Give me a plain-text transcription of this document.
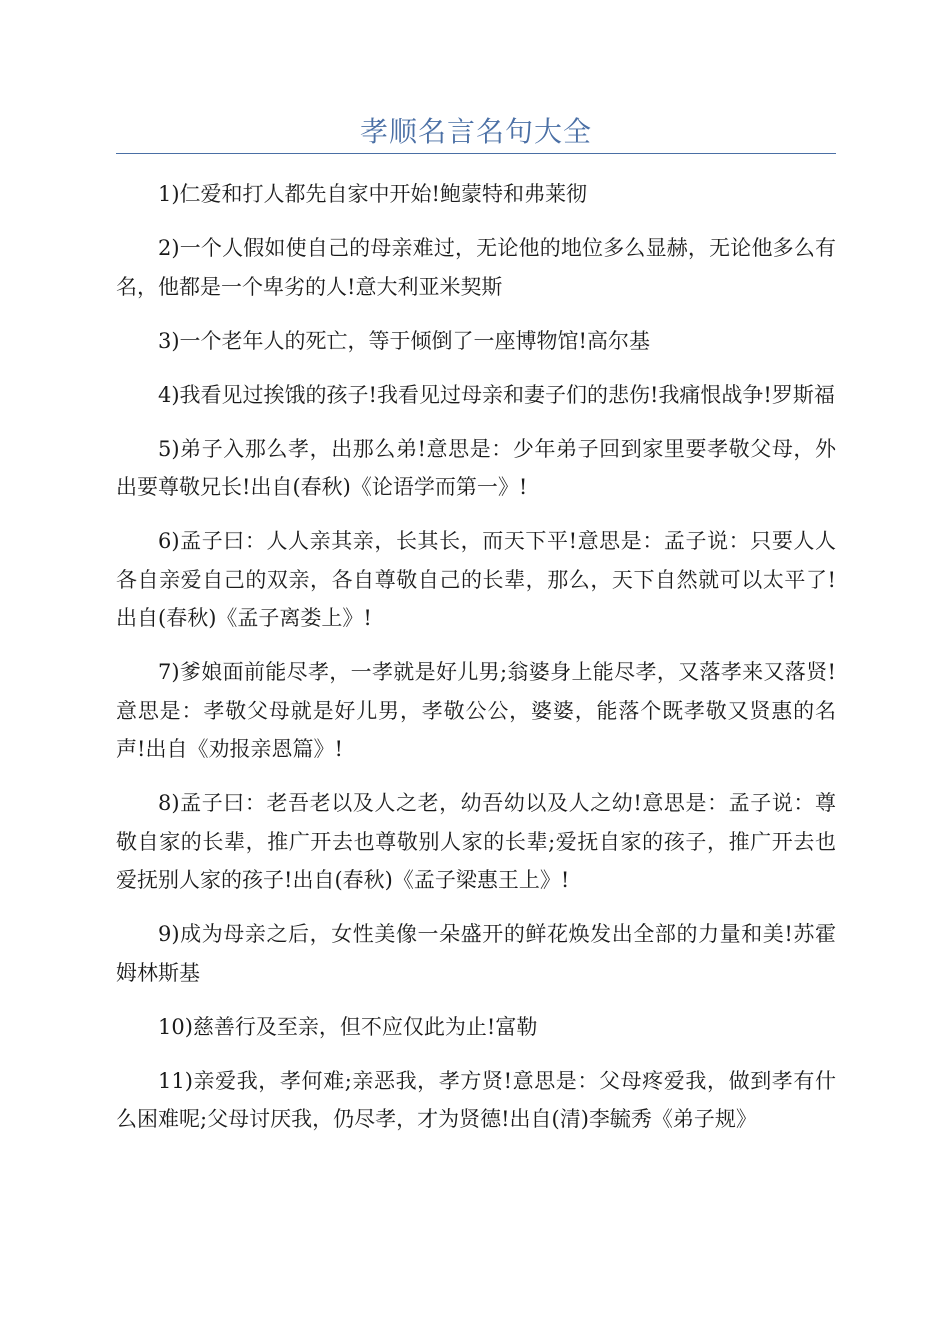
孝顺名言名句大全

1)仁爱和打人都先自家中开始!鲍蒙特和弗莱彻

2)一个人假如使自己的母亲难过，无论他的地位多么显赫，无论他多么有名，他都是一个卑劣的人!意大利亚米契斯

3)一个老年人的死亡，等于倾倒了一座博物馆!高尔基

4)我看见过挨饿的孩子!我看见过母亲和妻子们的悲伤!我痛恨战争!罗斯福

5)弟子入那么孝，出那么弟!意思是：少年弟子回到家里要孝敬父母，外出要尊敬兄长!出自(春秋)《论语学而第一》!

6)孟子曰：人人亲其亲，长其长，而天下平!意思是：孟子说：只要人人各自亲爱自己的双亲，各自尊敬自己的长辈，那么，天下自然就可以太平了!出自(春秋)《孟子离娄上》!

7)爹娘面前能尽孝，一孝就是好儿男;翁婆身上能尽孝，又落孝来又落贤!意思是：孝敬父母就是好儿男，孝敬公公，婆婆，能落个既孝敬又贤惠的名声!出自《劝报亲恩篇》!

8)孟子曰：老吾老以及人之老，幼吾幼以及人之幼!意思是：孟子说：尊敬自家的长辈，推广开去也尊敬别人家的长辈;爱抚自家的孩子，推广开去也爱抚别人家的孩子!出自(春秋)《孟子梁惠王上》!

9)成为母亲之后，女性美像一朵盛开的鲜花焕发出全部的力量和美!苏霍姆林斯基

10)慈善行及至亲，但不应仅此为止!富勒

11)亲爱我，孝何难;亲恶我，孝方贤!意思是：父母疼爱我，做到孝有什么困难呢;父母讨厌我，仍尽孝，才为贤德!出自(清)李毓秀《弟子规》
